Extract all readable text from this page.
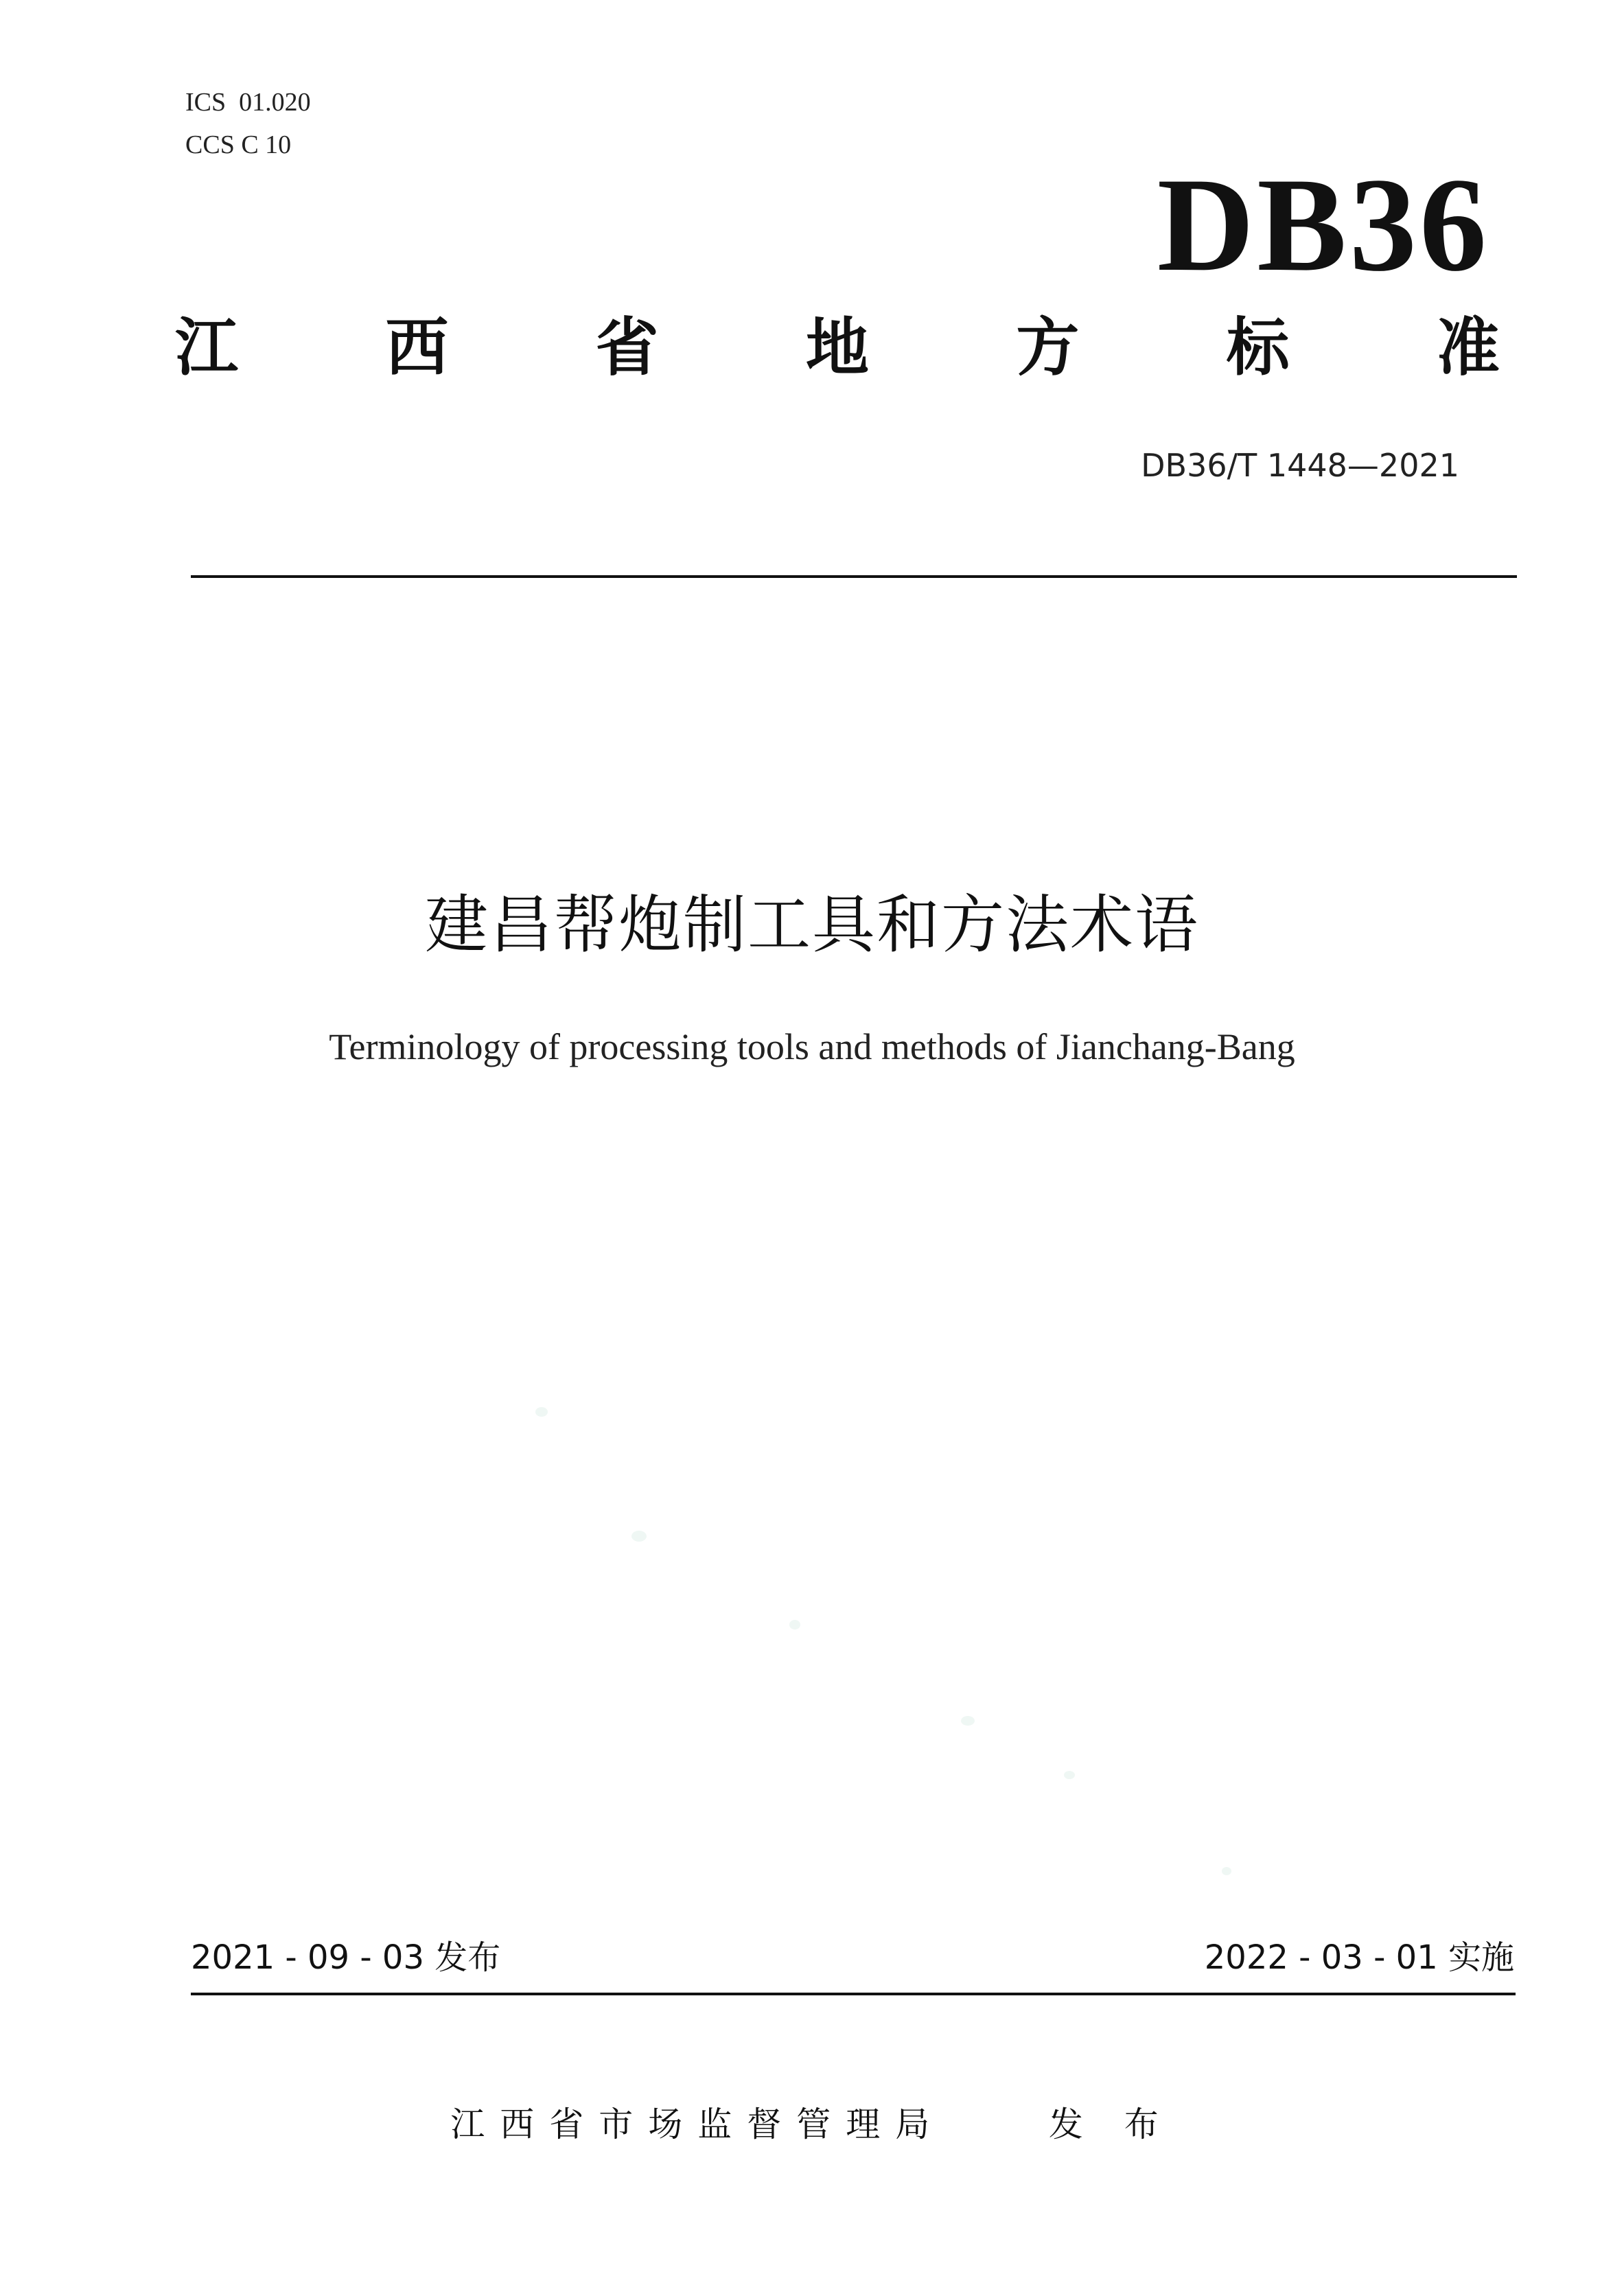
ICS  01.020
CCS C 10
DB36
江 西 省 地 方 标 准
DB36/T 1448—2021
建昌帮炮制工具和方法术语
Terminology of processing tools and methods of Jianchang-Bang
2021 - 09 - 03 发布	2022 - 03 - 01 实施
江西省市场监督管理局    发 布
